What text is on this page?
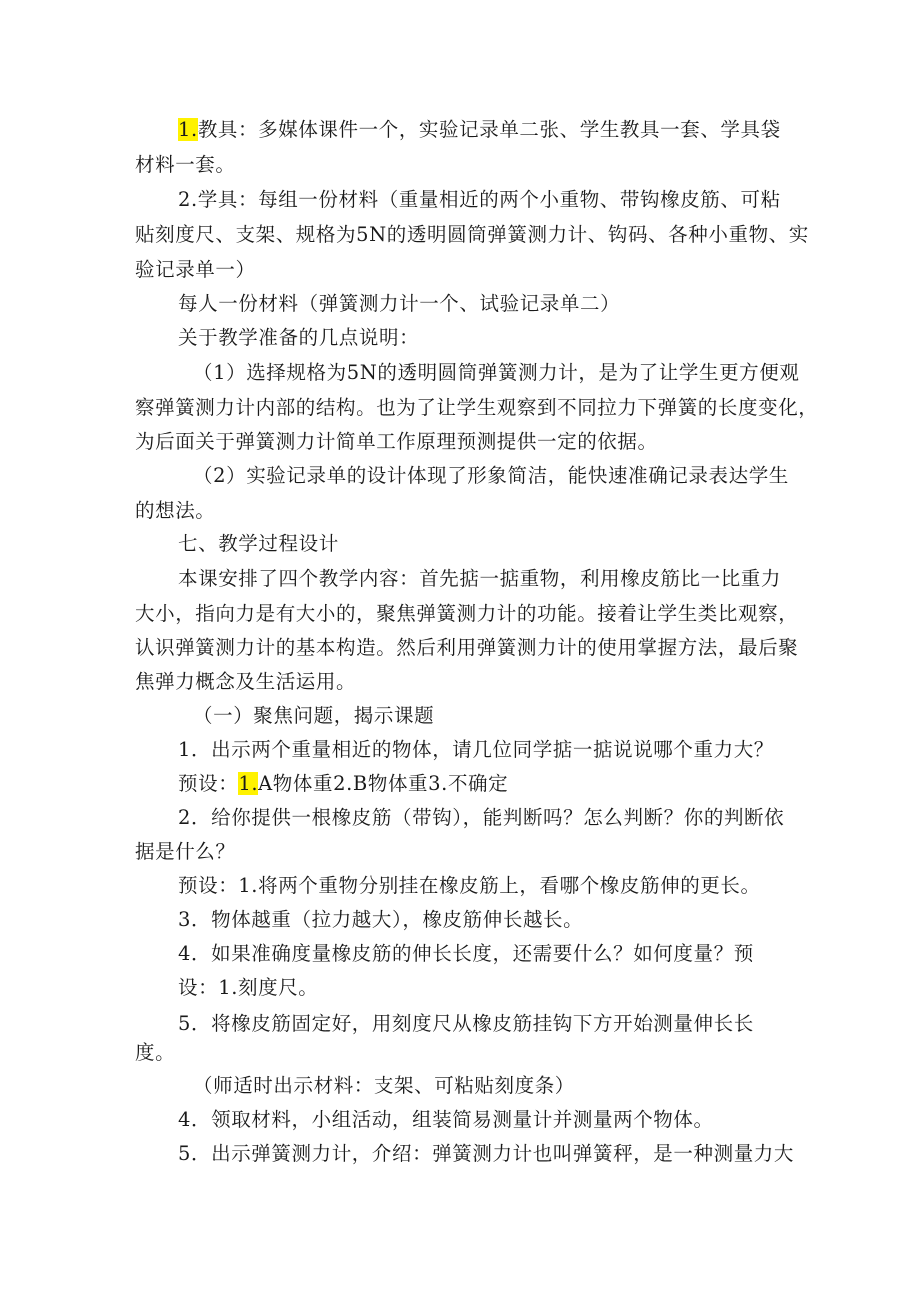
1.教具：多媒体课件一个，实验记录单二张、学生教具一套、学具袋
材料一套。
2.学具：每组一份材料（重量相近的两个小重物、带钩橡皮筋、可粘
贴刻度尺、支架、规格为5N的透明圆筒弹簧测力计、钩码、各种小重物、实
验记录单一）
每人一份材料（弹簧测力计一个、试验记录单二）
关于教学准备的几点说明：
（1）选择规格为5N的透明圆筒弹簧测力计，是为了让学生更方便观
察弹簧测力计内部的结构。也为了让学生观察到不同拉力下弹簧的长度变化，
为后面关于弹簧测力计简单工作原理预测提供一定的依据。
（2）实验记录单的设计体现了形象简洁，能快速准确记录表达学生
的想法。
七、教学过程设计
本课安排了四个教学内容：首先掂一掂重物，利用橡皮筋比一比重力
大小，指向力是有大小的，聚焦弹簧测力计的功能。接着让学生类比观察，
认识弹簧测力计的基本构造。然后利用弹簧测力计的使用掌握方法，最后聚
焦弹力概念及生活运用。
（一）聚焦问题，揭示课题
1．出示两个重量相近的物体，请几位同学掂一掂说说哪个重力大？
预设：1.A物体重2.B物体重3.不确定
2．给你提供一根橡皮筋（带钩），能判断吗？怎么判断？你的判断依
据是什么？
预设：1.将两个重物分别挂在橡皮筋上，看哪个橡皮筋伸的更长。
3．物体越重（拉力越大），橡皮筋伸长越长。
4．如果准确度量橡皮筋的伸长长度，还需要什么？如何度量？预
设：1.刻度尺。
5．将橡皮筋固定好，用刻度尺从橡皮筋挂钩下方开始测量伸长长
度。
（师适时出示材料：支架、可粘贴刻度条）
4．领取材料，小组活动，组装简易测量计并测量两个物体。
5．出示弹簧测力计，介绍：弹簧测力计也叫弹簧秤，是一种测量力大
